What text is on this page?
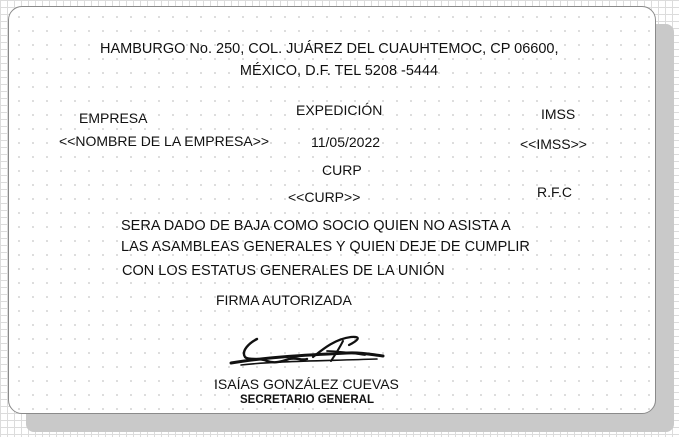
HAMBURGO No. 250, COL. JUÁREZ DEL CUAUHTEMOC, CP 06600,

MÉXICO, D.F. TEL 5208 -5444

EMPRESA

<<NOMBRE DE LA EMPRESA>>

EXPEDICIÓN

11/05/2022

IMSS

<<IMSS>>

CURP

<<CURP>>	R.F.C

SERA DADO DE BAJA COMO SOCIO QUIEN NO ASISTA A

LAS ASAMBLEAS GENERALES Y QUIEN DEJE DE CUMPLIR

CON LOS ESTATUS GENERALES DE LA UNIÓN

FIRMA AUTORIZADA

ISAÍAS GONZÁLEZ CUEVAS

SECRETARIO GENERAL
